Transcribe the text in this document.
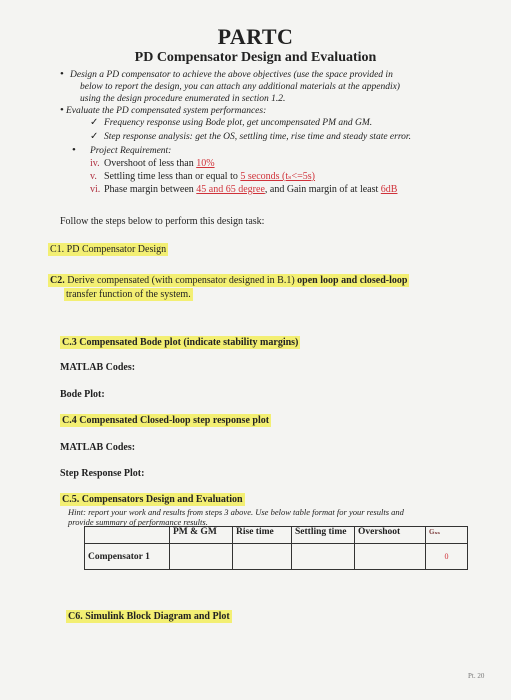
PARTC
PD Compensator Design and Evaluation
• Design a PD compensator to achieve the above objectives (use the space provided in
below to report the design, you can attach any additional materials at the appendix)
using the design procedure enumerated in section 1.2.
• Evaluate the PD compensated system performances:
✓ Frequency response using Bode plot, get uncompensated PM and GM.
✓ Step response analysis: get the OS, settling time, rise time and steady state error.
• Project Requirement:
iv. Overshoot of less than 10%
v. Settling time less than or equal to 5 seconds (tₛ<=5s)
vi. Phase margin between 45 and 65 degree, and Gain margin of at least 6dB
Follow the steps below to perform this design task:
C1. PD Compensator Design
C2. Derive compensated (with compensator designed in B.1) open loop and closed-loop
transfer function of the system.
C.3 Compensated Bode plot (indicate stability margins)
MATLAB Codes:
Bode Plot:
C.4 Compensated Closed-loop step response plot
MATLAB Codes:
Step Response Plot:
C.5. Compensators Design and Evaluation
Hint: report your work and results from steps 3 above. Use below table format for your results and
provide summary of performance results.
	PM & GM	Rise time	Settling time	Overshoot	Gₛₛ
Compensator 1					0
C6. Simulink Block Diagram and Plot
Pt. 20
